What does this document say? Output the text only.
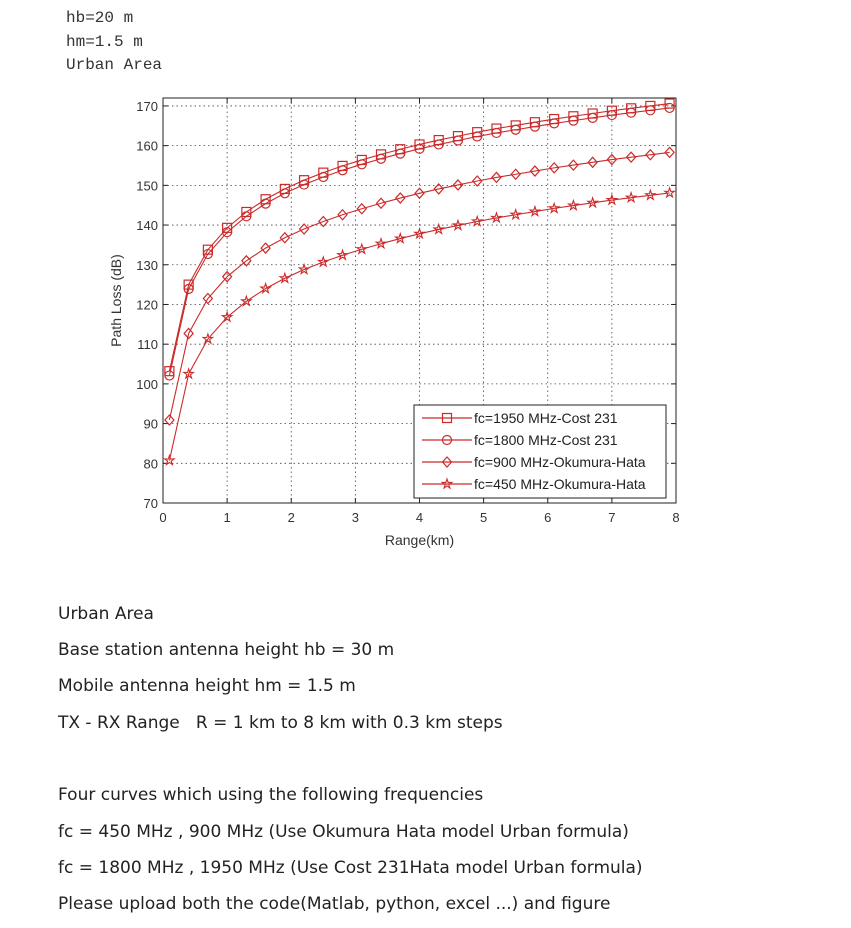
hb=20 m
hm=1.5 m
Urban Area
0	1	2	3	4	5	6	7	8
70
80
90
100
110
120
130
140
150
160
170
Range(km)
Path Loss (dB)
fc=1950 MHz-Cost 231
fc=1800 MHz-Cost 231
fc=900 MHz-Okumura-Hata
fc=450 MHz-Okumura-Hata
Urban Area
Base station antenna height hb = 30 m
Mobile antenna height hm = 1.5 m
TX - RX Range   R = 1 km to 8 km with 0.3 km steps
Four curves which using the following frequencies
fc = 450 MHz , 900 MHz (Use Okumura Hata model Urban formula)
fc = 1800 MHz , 1950 MHz (Use Cost 231Hata model Urban formula)
Please upload both the code(Matlab, python, excel ...) and figure
